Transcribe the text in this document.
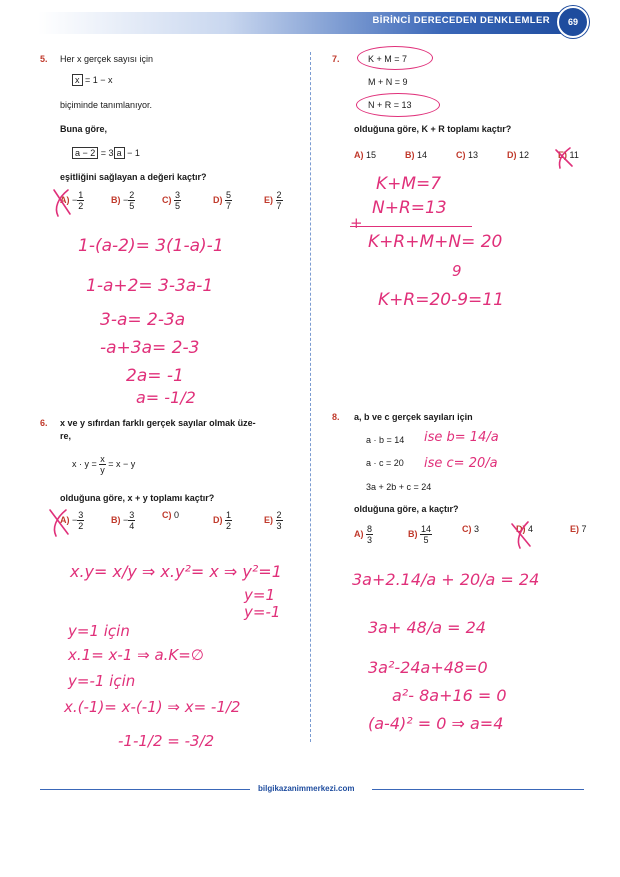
BİRİNCİ DERECEDEN DENKLEMLER	69
5. Her x gerçek sayısı için
x = 1 − x
biçiminde tanımlanıyor.
Buna göre,
a − 2 = 3 a − 1
eşitliğini sağlayan a değeri kaçtır?
$A) - \frac{1}{2}$	$B) - \frac{2}{5}$	$C) \frac{3}{5}$	$D) \frac{5}{7}$	$E) \frac{2}{7}$
6. x ve y sıfırdan farklı gerçek sayılar olmak üze-
re,
$x \cdot y = \frac{x}{y} = x - y$
olduğuna göre, x + y toplamı kaçtır?
$A) - \frac{3}{2}$	$B) - \frac{3}{4}$	C) 0	$D) \frac{1}{2}$	$E) \frac{2}{3}$
7.	K + M = 7
M + N = 9
N + R = 13
olduğuna göre, K + R toplamı kaçtır?
A) 15	B) 14	C) 13	D) 12	E) 11
8. a, b ve c gerçek sayıları için
a · b = 14
a · c = 20
3a + 2b + c = 24
olduğuna göre, a kaçtır?
$A) \frac{8}{3}$	$B) \frac{14}{5}$	C) 3	D) 4	E) 7
1-(a-2)= 3(1-a)-1
1-a+2= 3-3a-1
3-a= 2-3a
-a+3a= 2-3
2a= -1
a= -1/2
x.y= x/y ⇒ x.y²= x ⇒ y²=1
y=1
y=-1
y=1 için
x.1= x-1 ⇒ a.K=∅
y=-1 için
x.(-1)= x-(-1) ⇒ x= -1/2
-1-1/2 = -3/2
K+M=7
N+R=13
+
K+R+M+N= 20
9
K+R=20-9=11
ise b= 14/a
ise c= 20/a
3a+2.14/a + 20/a = 24
3a+ 48/a = 24
3a²-24a+48=0
a²- 8a+16 = 0
(a-4)² = 0 ⇒ a=4
bilgikazanimmerkezi.com
